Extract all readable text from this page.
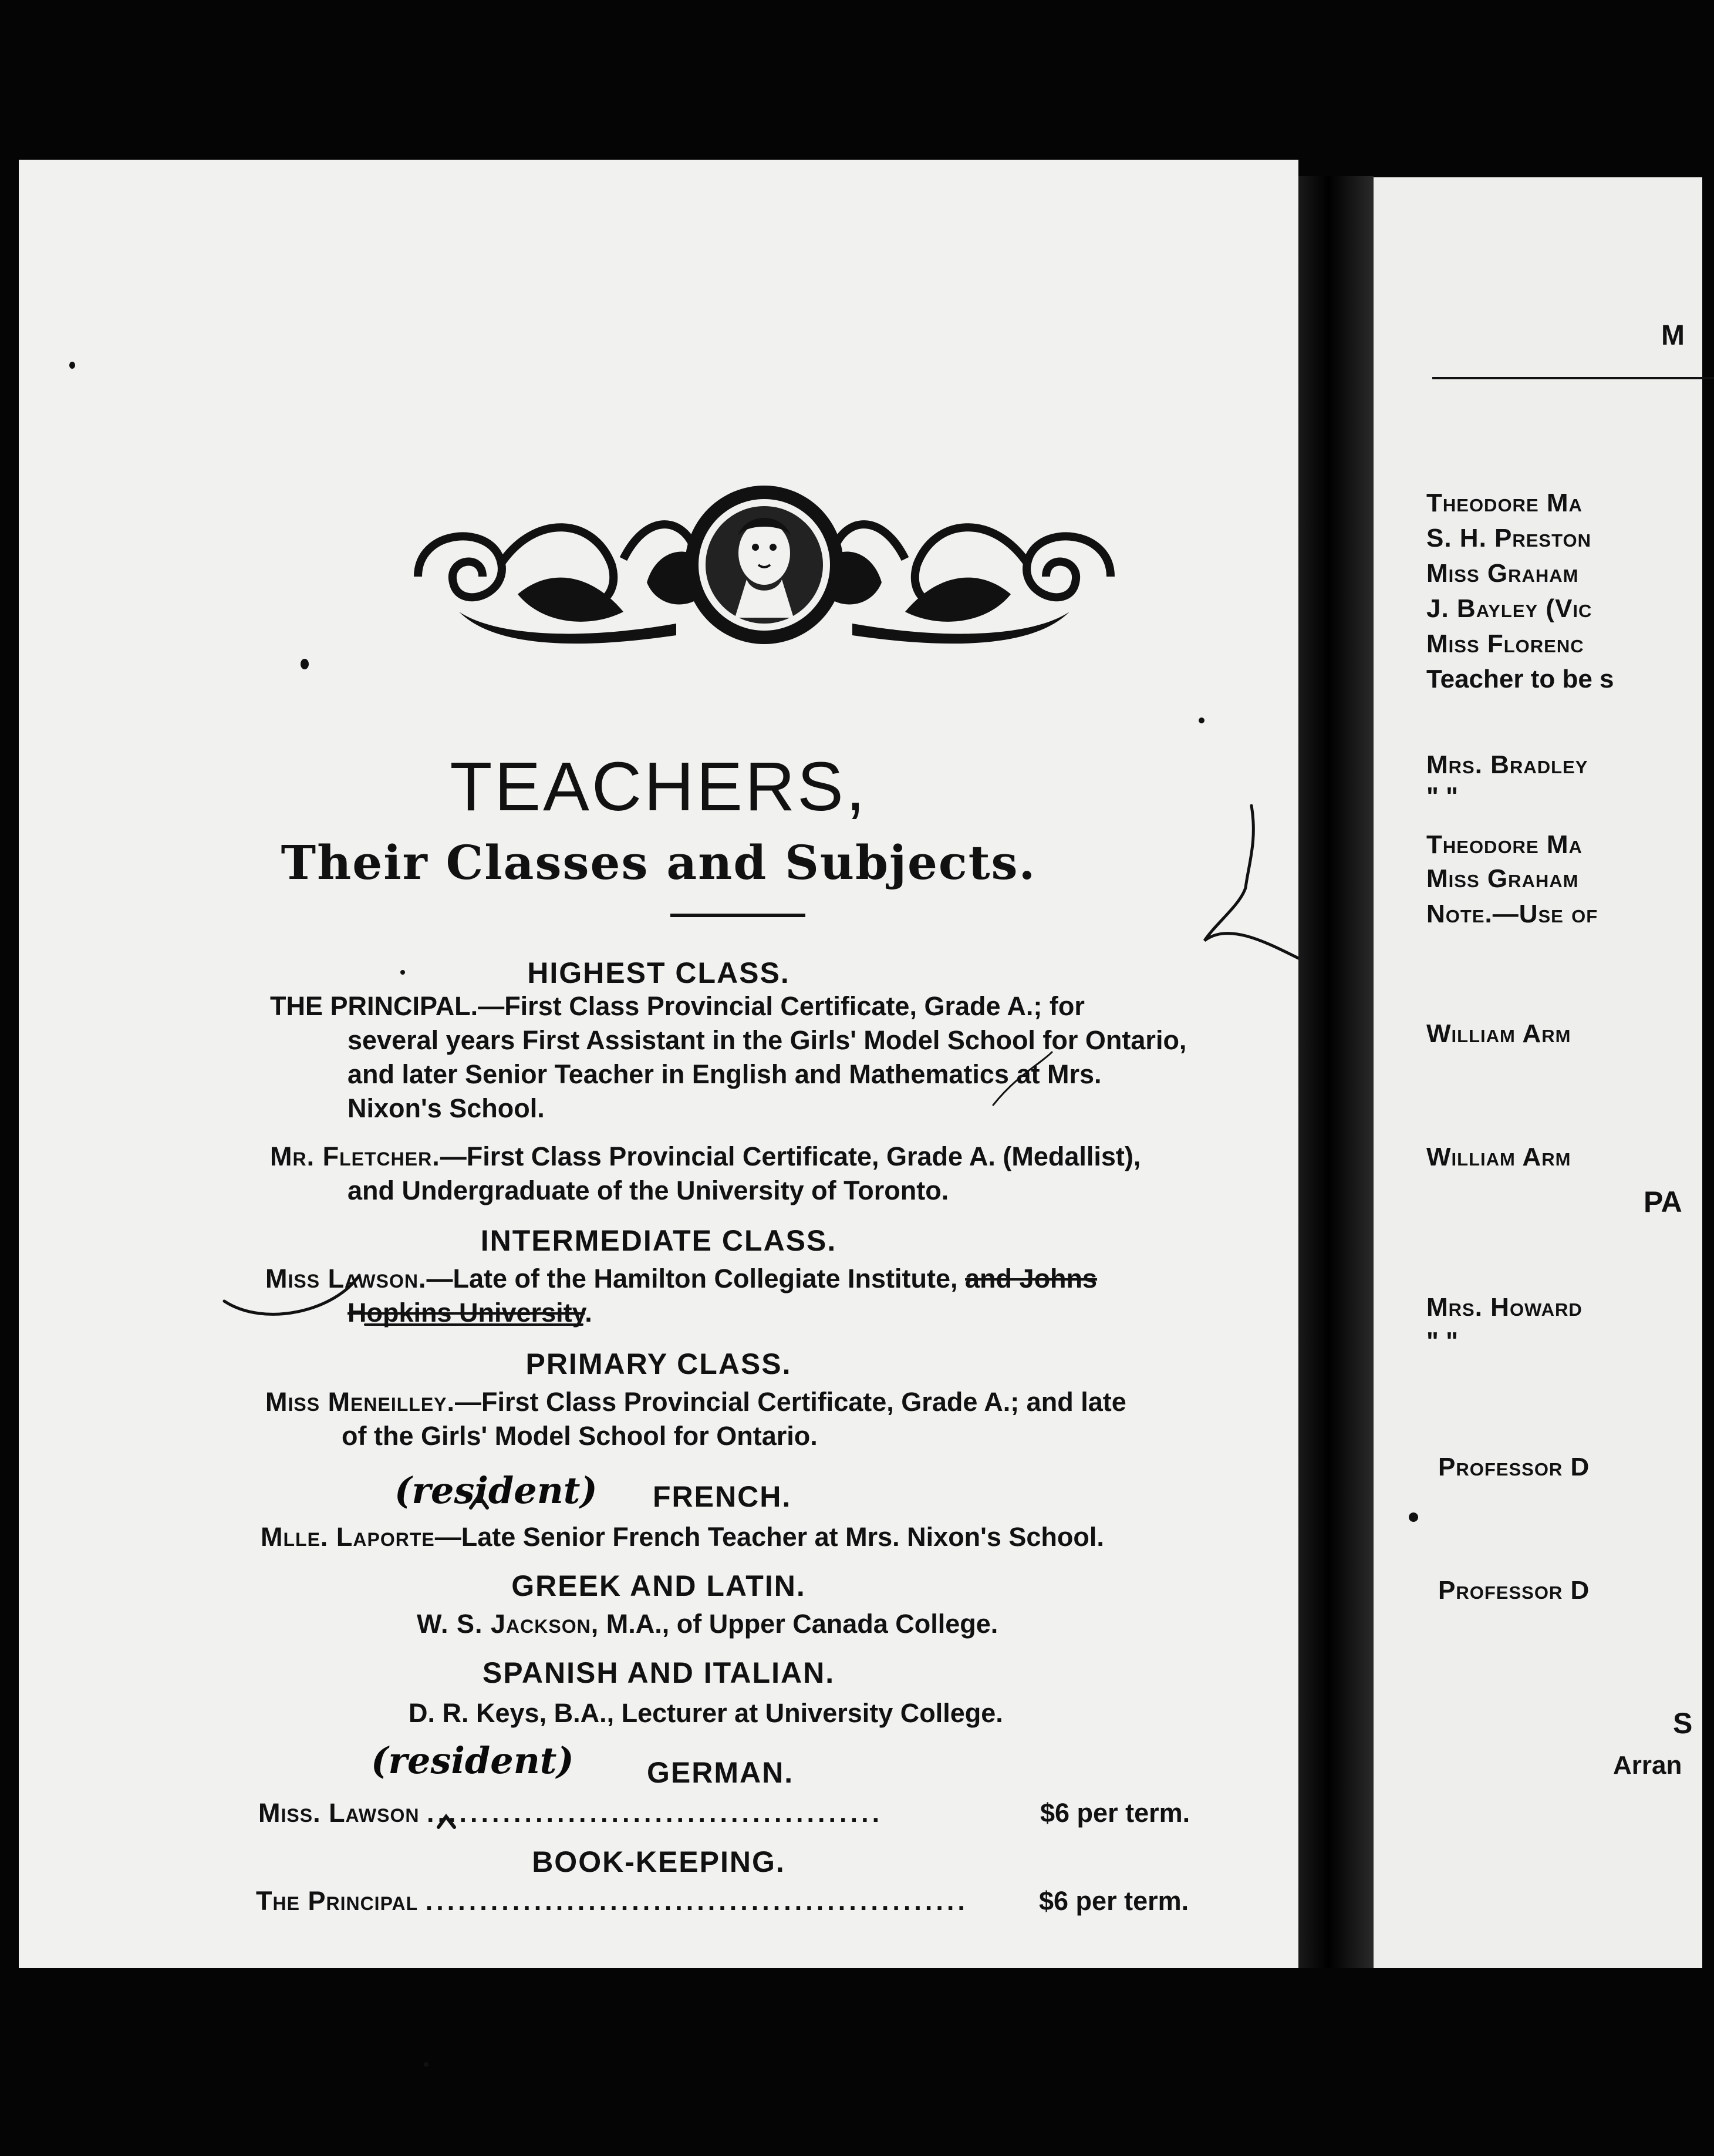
TEACHERS,
Their Classes and Subjects.
HIGHEST CLASS.
THE PRINCIPAL.—First Class Provincial Certificate, Grade A.; for
several years First Assistant in the Girls' Model School for Ontario,
and later Senior Teacher in English and Mathematics at Mrs.
Nixon's School.
Mr. Fletcher.—First Class Provincial Certificate, Grade A. (Medallist),
and Undergraduate of the University of Toronto.
INTERMEDIATE CLASS.
Miss Lawson.—Late of the Hamilton Collegiate Institute, and Johns
Hopkins University.
PRIMARY CLASS.
Miss Meneilley.—First Class Provincial Certificate, Grade A.; and late
of the Girls' Model School for Ontario.
(resident) FRENCH.
Mlle. Laporte—Late Senior French Teacher at Mrs. Nixon's School.
GREEK AND LATIN.
W. S. Jackson, M.A., of Upper Canada College.
SPANISH AND ITALIAN.
D. R. Keys, B.A., Lecturer at University College.
(resident) GERMAN.
Miss. Lawson ..........................................	$6 per term.
BOOK-KEEPING.
The Principal ..................................................	$6 per term.
M
Theodore Ma
S. H. Preston
Miss Graham
J. Bayley (Vic
Miss Florenc
Teacher to be s
Mrs. Bradley
" "
Theodore Ma
Miss Graham
Note.—Use of
William Arm
William Arm
PA
Mrs. Howard
" "
Professor D
Professor D
S
Arran
